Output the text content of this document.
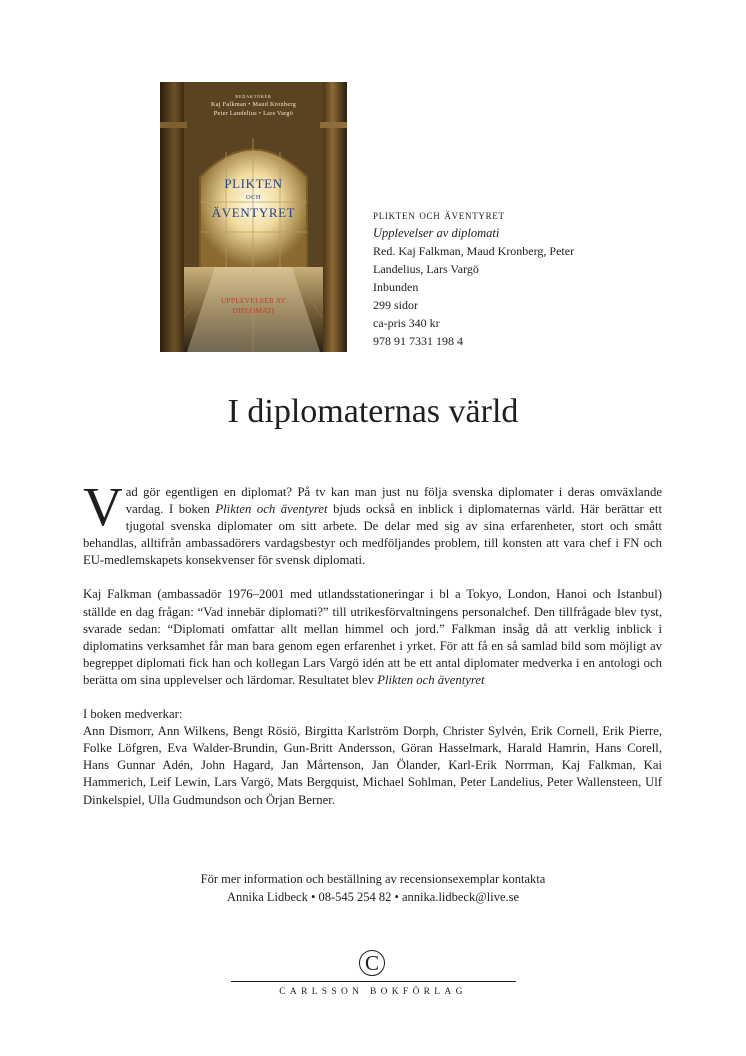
REDAKTÖRER
Kaj Falkman • Maud Kronberg
Peter Landelius • Lars Vargö
PLIKTEN
OCH
ÄVENTYRET
UPPLEVELSER AV
DIPLOMATI
plikten och äventyret
Upplevelser av diplomati
Red. Kaj Falkman, Maud Kronberg, Peter
Landelius, Lars Vargö
Inbunden
299 sidor
ca-pris 340 kr
978 91 7331 198 4
I diplomaternas värld

Vad gör egentligen en diplomat? På tv kan man just nu följa svenska diplomater i deras omväxlande vardag. I boken Plikten och äventyret bjuds också en inblick i diplomaternas värld. Här berättar ett tjugotal svenska diplomater om sitt arbete. De delar med sig av sina erfarenheter, stort och smått behandlas, alltifrån ambassadörers vardagsbestyr och medföljandes problem, till konsten att vara chef i FN och EU-medlemskapets konsekvenser för svensk diplomati.

Kaj Falkman (ambassadör 1976–2001 med utlandsstationeringar i bl a Tokyo, London, Hanoi och Istanbul) ställde en dag frågan: “Vad innebär diplomati?” till utrikesförvaltningens personalchef. Den tillfrågade blev tyst, svarade sedan: “Diplomati omfattar allt mellan himmel och jord.” Falkman insåg då att verklig inblick i diplomatins verksamhet får man bara genom egen erfarenhet i yrket. För att få en så samlad bild som möjligt av begreppet diplomati fick han och kollegan Lars Vargö idén att be ett antal diplomater medverka i en antologi och berätta om sina upplevelser och lärdomar. Resultatet blev Plikten och äventyret

I boken medverkar:
Ann Dismorr, Ann Wilkens, Bengt Rösiö, Birgitta Karlström Dorph, Christer Sylvén, Erik Cornell, Erik Pierre, Folke Löfgren, Eva Walder-Brundin, Gun-Britt Andersson, Göran Hasselmark, Harald Hamrin, Hans Corell, Hans Gunnar Adén, John Hagard, Jan Mårtenson, Jan Ölander, Karl-Erik Norrman, Kaj Falkman, Kai Hammerich, Leif Lewin, Lars Vargö, Mats Bergquist, Michael Sohlman, Peter Landelius, Peter Wallensteen, Ulf Dinkelspiel, Ulla Gudmundson och Örjan Berner.

För mer information och beställning av recensionsexemplar kontakta
Annika Lidbeck • 08-545 254 82 • annika.lidbeck@live.se
C
CARLSSON BOKFÖRLAG
